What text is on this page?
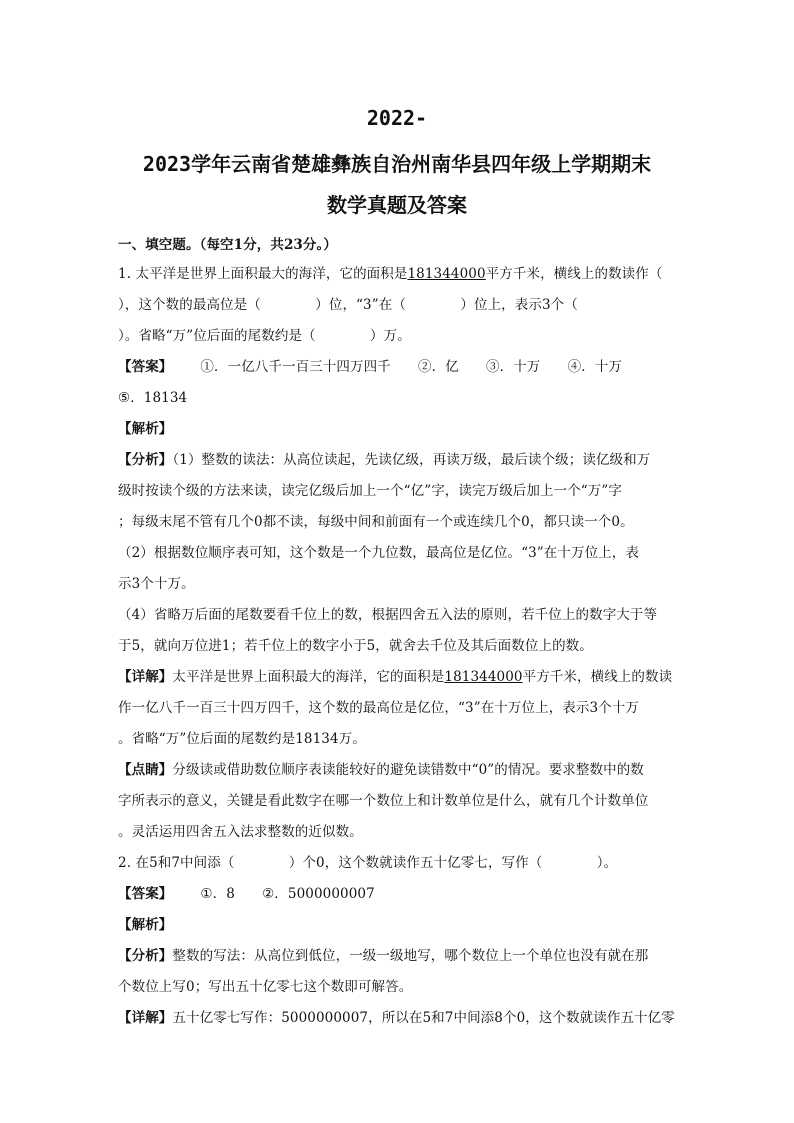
2022-
2023学年云南省楚雄彝族自治州南华县四年级上学期期末
数学真题及答案
一、填空题。（每空1分，共23分。）
1. 太平洋是世界上面积最大的海洋，它的面积是181344000平方千米，横线上的数读作（
），这个数的最高位是（　　　　）位，“3”在（　　　　）位上，表示3个（
）。省略“万”位后面的尾数约是（　　　　）万。
【答案】 ①．一亿八千一百三十四万四千　　②．亿　　③．十万　　④．十万
⑤．18134
【解析】
【分析】（1）整数的读法：从高位读起，先读亿级，再读万级，最后读个级；读亿级和万
级时按读个级的方法来读，读完亿级后加上一个“亿”字，读完万级后加上一个“万”字
；每级末尾不管有几个0都不读，每级中间和前面有一个或连续几个0，都只读一个0。
（2）根据数位顺序表可知，这个数是一个九位数，最高位是亿位。“3”在十万位上，表
示3个十万。
（4）省略万后面的尾数要看千位上的数，根据四舍五入法的原则，若千位上的数字大于等
于5，就向万位进1；若千位上的数字小于5，就舍去千位及其后面数位上的数。
【详解】太平洋是世界上面积最大的海洋，它的面积是181344000平方千米，横线上的数读
作一亿八千一百三十四万四千，这个数的最高位是亿位，“3”在十万位上，表示3个十万
。省略“万”位后面的尾数约是18134万。
【点睛】分级读或借助数位顺序表读能较好的避免读错数中“0”的情况。要求整数中的数
字所表示的意义，关键是看此数字在哪一个数位上和计数单位是什么，就有几个计数单位
。灵活运用四舍五入法求整数的近似数。
2. 在5和7中间添（　　　　）个0，这个数就读作五十亿零七，写作（　　　　）。
【答案】 ①．8　　②．5000000007
【解析】
【分析】整数的写法：从高位到低位，一级一级地写，哪个数位上一个单位也没有就在那
个数位上写0；写出五十亿零七这个数即可解答。
【详解】五十亿零七写作：5000000007，所以在5和7中间添8个0，这个数就读作五十亿零
